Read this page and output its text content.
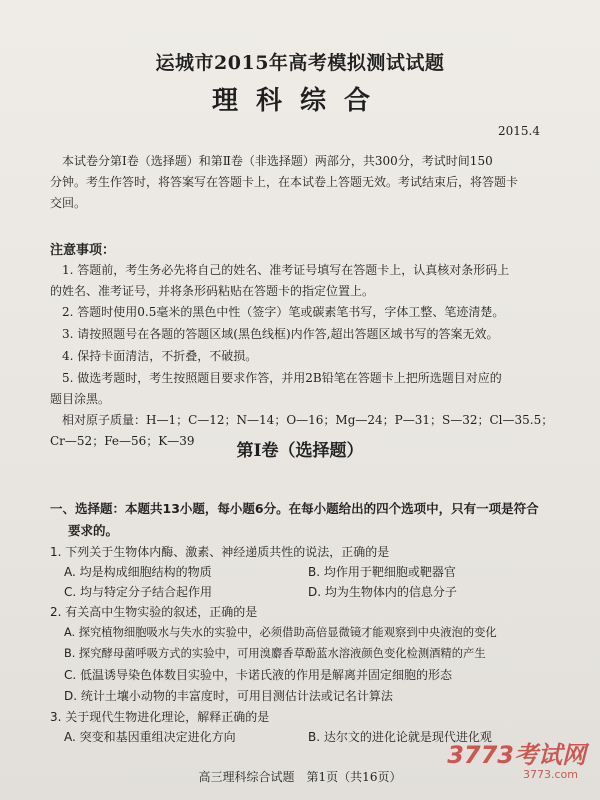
运城市2015年高考模拟测试试题
理科综合
2015.4
本试卷分第Ⅰ卷（选择题）和第Ⅱ卷（非选择题）两部分，共300分，考试时间150
分钟。考生作答时，将答案写在答题卡上，在本试卷上答题无效。考试结束后，将答题卡
交回。
注意事项：
1. 答题前，考生务必先将自己的姓名、准考证号填写在答题卡上，认真核对条形码上
的姓名、准考证号，并将条形码粘贴在答题卡的指定位置上。
2. 答题时使用0.5毫米的黑色中性（签字）笔或碳素笔书写，字体工整、笔迹清楚。
3. 请按照题号在各题的答题区域(黑色线框)内作答,超出答题区域书写的答案无效。
4. 保持卡面清洁，不折叠，不破损。
5. 做选考题时，考生按照题目要求作答，并用2B铅笔在答题卡上把所选题目对应的
题目涂黑。
相对原子质量：H—1；C—12；N—14；O—16；Mg—24；P—31；S—32；Cl—35.5；
Cr—52；Fe—56；K—39	第Ⅰ卷（选择题）
一、选择题：本题共13小题，每小题6分。在每小题给出的四个选项中，只有一项是符合
要求的。
1. 下列关于生物体内酶、激素、神经递质共性的说法，正确的是
A. 均是构成细胞结构的物质	B. 均作用于靶细胞或靶器官
C. 均与特定分子结合起作用	D. 均为生物体内的信息分子
2. 有关高中生物实验的叙述，正确的是
A. 探究植物细胞吸水与失水的实验中，必须借助高倍显微镜才能观察到中央液泡的变化
B. 探究酵母菌呼吸方式的实验中，可用溴麝香草酚蓝水溶液颜色变化检测酒精的产生
C. 低温诱导染色体数目实验中，卡诺氏液的作用是解离并固定细胞的形态
D. 统计土壤小动物的丰富度时，可用目测估计法或记名计算法
3. 关于现代生物进化理论，解释正确的是
A. 突变和基因重组决定进化方向	B. 达尔文的进化论就是现代进化观
高三理科综合试题　第1页（共16页）
3773考试网
3773.com
